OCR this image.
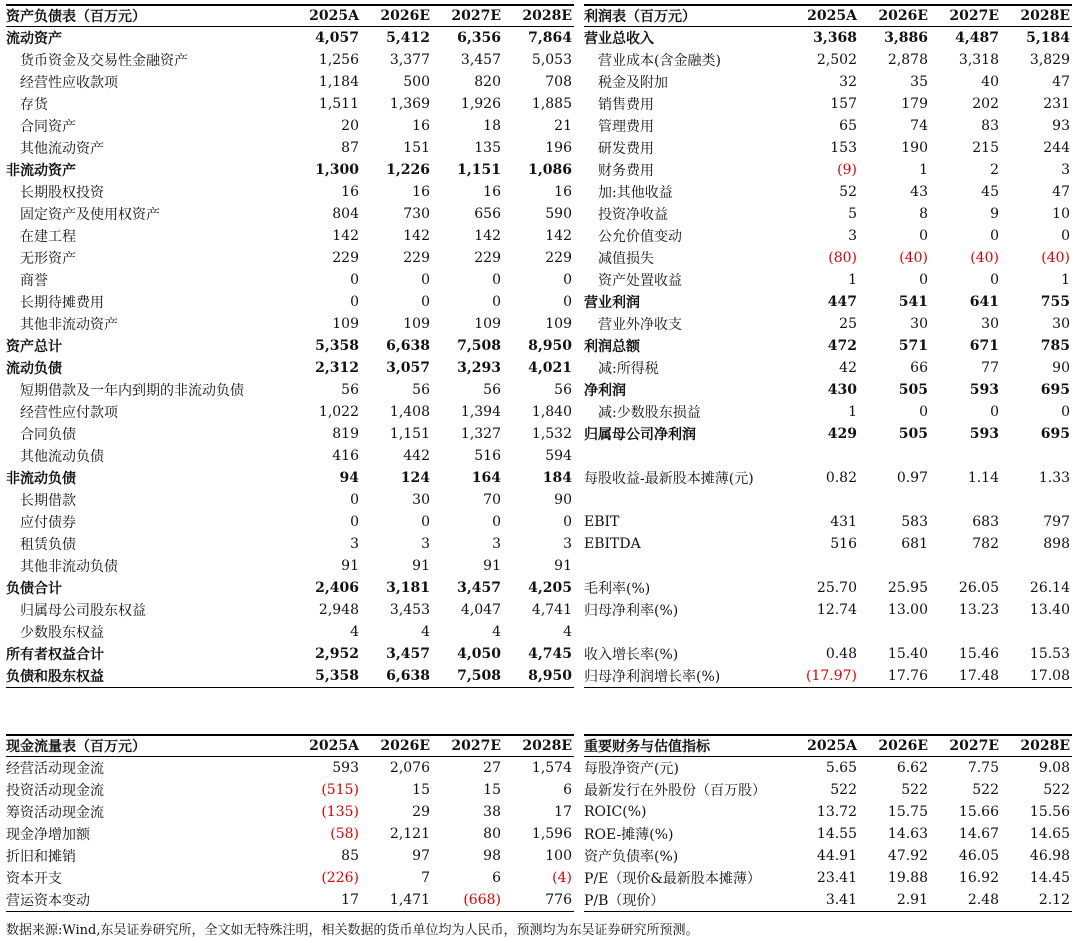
资产负债表（百万元）	2025A	2026E	2027E	2028E
流动资产	4,057	5,412	6,356	7,864
货币资金及交易性金融资产	1,256	3,377	3,457	5,053
经营性应收款项	1,184	500	820	708
存货	1,511	1,369	1,926	1,885
合同资产	20	16	18	21
其他流动资产	87	151	135	196
非流动资产	1,300	1,226	1,151	1,086
长期股权投资	16	16	16	16
固定资产及使用权资产	804	730	656	590
在建工程	142	142	142	142
无形资产	229	229	229	229
商誉	0	0	0	0
长期待摊费用	0	0	0	0
其他非流动资产	109	109	109	109
资产总计	5,358	6,638	7,508	8,950
流动负债	2,312	3,057	3,293	4,021
短期借款及一年内到期的非流动负债	56	56	56	56
经营性应付款项	1,022	1,408	1,394	1,840
合同负债	819	1,151	1,327	1,532
其他流动负债	416	442	516	594
非流动负债	94	124	164	184
长期借款	0	30	70	90
应付债券	0	0	0	0
租赁负债	3	3	3	3
其他非流动负债	91	91	91	91
负债合计	2,406	3,181	3,457	4,205
归属母公司股东权益	2,948	3,453	4,047	4,741
少数股东权益	4	4	4	4
所有者权益合计	2,952	3,457	4,050	4,745
负债和股东权益	5,358	6,638	7,508	8,950
利润表（百万元）	2025A	2026E	2027E	2028E
营业总收入	3,368	3,886	4,487	5,184
营业成本(含金融类)	2,502	2,878	3,318	3,829
税金及附加	32	35	40	47
销售费用	157	179	202	231
管理费用	65	74	83	93
研发费用	153	190	215	244
财务费用	(9)	1	2	3
加:其他收益	52	43	45	47
投资净收益	5	8	9	10
公允价值变动	3	0	0	0
减值损失	(80)	(40)	(40)	(40)
资产处置收益	1	0	0	1
营业利润	447	541	641	755
营业外净收支	25	30	30	30
利润总额	472	571	671	785
减:所得税	42	66	77	90
净利润	430	505	593	695
减:少数股东损益	1	0	0	0
归属母公司净利润	429	505	593	695

每股收益-最新股本摊薄(元)	0.82	0.97	1.14	1.33

EBIT	431	583	683	797
EBITDA	516	681	782	898

毛利率(%)	25.70	25.95	26.05	26.14
归母净利率(%)	12.74	13.00	13.23	13.40

收入增长率(%)	0.48	15.40	15.46	15.53
归母净利润增长率(%)	(17.97)	17.76	17.48	17.08
现金流量表（百万元）	2025A	2026E	2027E	2028E
经营活动现金流	593	2,076	27	1,574
投资活动现金流	(515)	15	15	6
筹资活动现金流	(135)	29	38	17
现金净增加额	(58)	2,121	80	1,596
折旧和摊销	85	97	98	100
资本开支	(226)	7	6	(4)
营运资本变动	17	1,471	(668)	776
重要财务与估值指标	2025A	2026E	2027E	2028E
每股净资产(元)	5.65	6.62	7.75	9.08
最新发行在外股份（百万股）	522	522	522	522
ROIC(%)	13.72	15.75	15.66	15.56
ROE-摊薄(%)	14.55	14.63	14.67	14.65
资产负债率(%)	44.91	47.92	46.05	46.98
P/E（现价&最新股本摊薄）	23.41	19.88	16.92	14.45
P/B（现价）	3.41	2.91	2.48	2.12
数据来源:Wind,东吴证券研究所，全文如无特殊注明，相关数据的货币单位均为人民币，预测均为东吴证券研究所预测。
